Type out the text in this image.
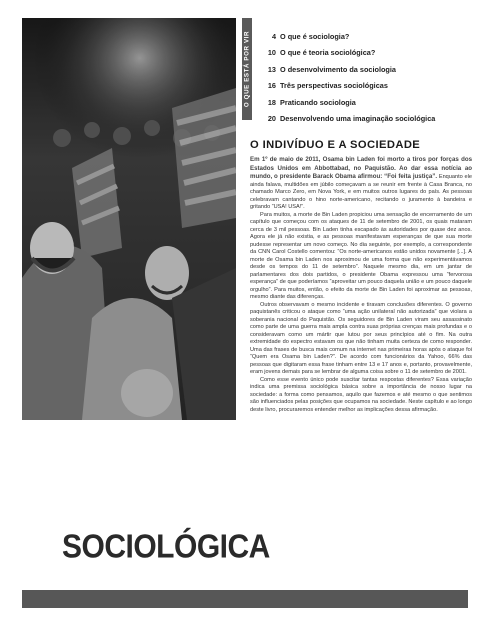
O QUE ESTÁ POR VIR	4 O que é sociologia?
10 O que é teoria sociológica?
13 O desenvolvimento da sociologia
16 Três perspectivas sociológicas
18 Praticando sociologia
20 Desenvolvendo uma imaginação sociológica
O INDIVÍDUO E A SOCIEDADE
Em 1º de maio de 2011, Osama bin Laden foi morto a tiros por forças dos Estados Unidos em Abbottabad, no Paquistão. Ao dar essa notícia ao mundo, o presidente Barack Obama afirmou: “Foi feita justiça”. Enquanto ele ainda falava, multidões em júbilo começavam a se reunir em frente à Casa Branca, no chamado Marco Zero, em Nova York, e em muitos outros lugares do país. As pessoas celebravam cantando o hino norte-americano, recitando o juramento à bandeira e gritando “USA! USA!”.

Para muitos, a morte de Bin Laden propiciou uma sensação de encerramento de um capítulo que começou com os ataques de 11 de setembro de 2001, os quais mataram cerca de 3 mil pessoas. Bin Laden tinha escapado às autoridades por quase dez anos. Agora ele já não existia, e as pessoas manifestavam esperanças de que sua morte pudesse representar um novo começo. No dia seguinte, por exemplo, a correspondente da CNN Carol Costello comentou: “Os norte-americanos estão unidos novamente [...]. A morte de Osama bin Laden nos aproximou de uma forma que não experimentávamos desde os tempos do 11 de setembro”. Naquele mesmo dia, em um jantar de parlamentares dos dois partidos, o presidente Obama expressou uma “fervorosa esperança” de que poderíamos “aproveitar um pouco daquela união e um pouco daquele orgulho”. Para muitos, então, o efeito da morte de Bin Laden foi aproximar as pessoas, mesmo diante das diferenças.

Outros observavam o mesmo incidente e tiravam conclusões diferentes. O governo paquistanês criticou o ataque como “uma ação unilateral não autorizada” que violara a soberania nacional do Paquistão. Os seguidores de Bin Laden viram seu assassinato como parte de uma guerra mais ampla contra suas próprias crenças mais profundas e o consideravam como um mártir que lutou por seus princípios até o fim. Na outra extremidade do espectro estavam os que não tinham muita certeza de como responder. Uma das frases de busca mais comum na internet nas primeiras horas após o ataque foi “Quem era Osama bin Laden?”. De acordo com funcionários da Yahoo, 66% das pessoas que digitaram essa frase tinham entre 13 e 17 anos e, portanto, provavelmente, eram jovens demais para se lembrar de alguma coisa sobre o 11 de setembro de 2001.

Como esse evento único pode suscitar tantas respostas diferentes? Essa variação indica uma premissa sociológica básica sobre a importância de nosso lugar na sociedade: a forma como pensamos, aquilo que fazemos e até mesmo o que sentimos são influenciados pelas posições que ocupamos na sociedade. Neste capítulo e ao longo deste livro, procuraremos entender melhor as implicações dessa afirmação.

SOCIOLÓGICA
